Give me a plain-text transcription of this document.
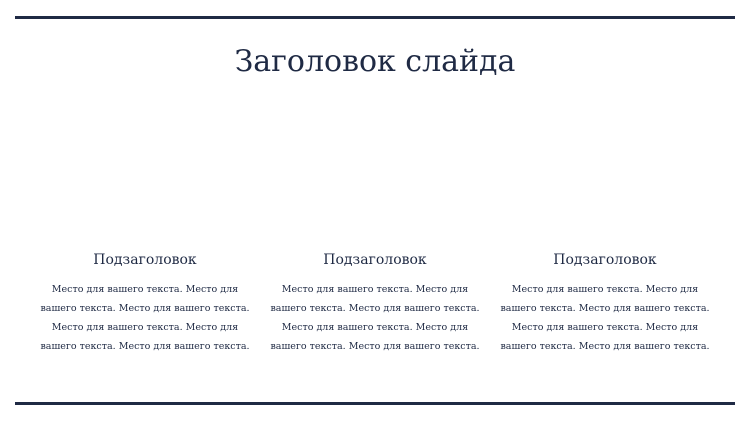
Заголовок слайда
Подзаголовок

Место для вашего текста. Место для вашего текста. Место для вашего текста. Место для вашего текста. Место для вашего текста. Место для вашего текста.

Подзаголовок

Место для вашего текста. Место для вашего текста. Место для вашего текста. Место для вашего текста. Место для вашего текста. Место для вашего текста.

Подзаголовок

Место для вашего текста. Место для вашего текста. Место для вашего текста. Место для вашего текста. Место для вашего текста. Место для вашего текста.
